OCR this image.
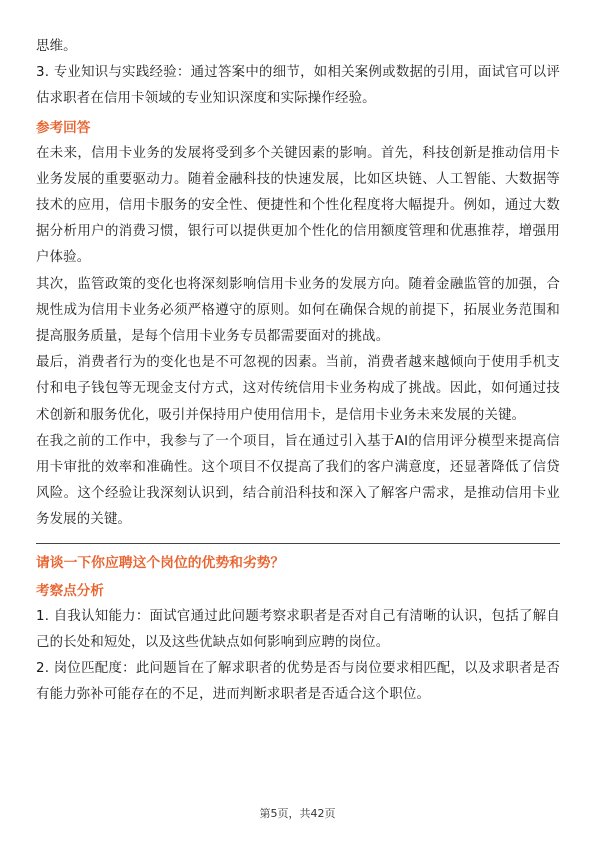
思维。

3. 专业知识与实践经验：通过答案中的细节，如相关案例或数据的引用，面试官可以评估求职者在信用卡领域的专业知识深度和实际操作经验。

参考回答

在未来，信用卡业务的发展将受到多个关键因素的影响。首先，科技创新是推动信用卡业务发展的重要驱动力。随着金融科技的快速发展，比如区块链、人工智能、大数据等技术的应用，信用卡服务的安全性、便捷性和个性化程度将大幅提升。例如，通过大数据分析用户的消费习惯，银行可以提供更加个性化的信用额度管理和优惠推荐，增强用户体验。

其次，监管政策的变化也将深刻影响信用卡业务的发展方向。随着金融监管的加强，合规性成为信用卡业务必须严格遵守的原则。如何在确保合规的前提下，拓展业务范围和提高服务质量，是每个信用卡业务专员都需要面对的挑战。

最后，消费者行为的变化也是不可忽视的因素。当前，消费者越来越倾向于使用手机支付和电子钱包等无现金支付方式，这对传统信用卡业务构成了挑战。因此，如何通过技术创新和服务优化，吸引并保持用户使用信用卡，是信用卡业务未来发展的关键。

在我之前的工作中，我参与了一个项目，旨在通过引入基于AI的信用评分模型来提高信用卡审批的效率和准确性。这个项目不仅提高了我们的客户满意度，还显著降低了信贷风险。这个经验让我深刻认识到，结合前沿科技和深入了解客户需求，是推动信用卡业务发展的关键。

请谈一下你应聘这个岗位的优势和劣势？
考察点分析

1. 自我认知能力：面试官通过此问题考察求职者是否对自己有清晰的认识，包括了解自己的长处和短处，以及这些优缺点如何影响到应聘的岗位。

2. 岗位匹配度：此问题旨在了解求职者的优势是否与岗位要求相匹配，以及求职者是否有能力弥补可能存在的不足，进而判断求职者是否适合这个职位。

第5页，共42页
